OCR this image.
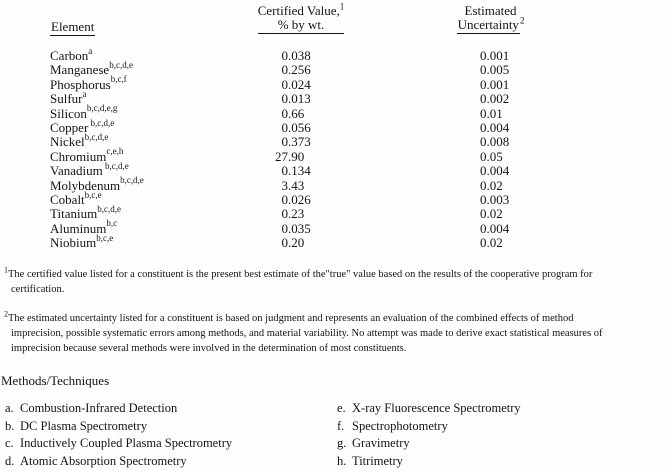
Element
Certified Value,$^1$
% by wt.
Estimated
Uncertainty$^2$
Carbon$^a$	0.038	0.001
Manganese$^{b,c,d,e}$	0.256	0.005
Phosphorus$^{b,c,f}$	0.024	0.001
Sulfur$^a$	0.013	0.002
Silicon$^{b,c,d,e,g}$	0.66	0.01
Copper $^{b,c,d,e}$	0.056	0.004
Nickel$^{b,c,d,e}$	0.373	0.008
Chromium$^{c,e,h}$	27.90	0.05
Vanadium $^{b,c,d,e}$	0.134	0.004
Molybdenum$^{b,c,d,e}$	3.43	0.02
Cobalt$^{b,c,e}$	0.026	0.003
Titanium$^{b,c,d,e}$	0.23	0.02
Aluminum$^{b,c}$	0.035	0.004
Niobium$^{b,c,e}$	0.20	0.02
$^1$The certified value listed for a constituent is the present best estimate of the"true" value based on the results of the cooperative program for
certification.
$^2$The estimated uncertainty listed for a constituent is based on judgment and represents an evaluation of the combined effects of method
imprecision, possible systematic errors among methods, and material variability. No attempt was made to derive exact statistical measures of
imprecision because several methods were involved in the determination of most constituents.
Methods/Techniques
a. Combustion-Infrared Detection
b. DC Plasma Spectrometry
c. Inductively Coupled Plasma Spectrometry
d. Atomic Absorption Spectrometry
e. X-ray Fluorescence Spectrometry
f. Spectrophotometry
g. Gravimetry
h. Titrimetry
